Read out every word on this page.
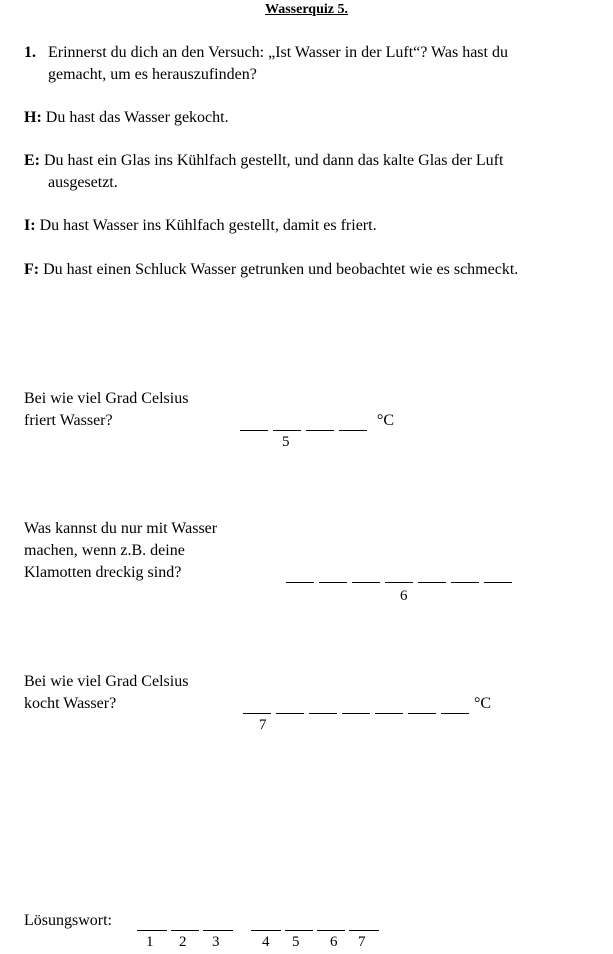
Wasserquiz 5.
1. Erinnerst du dich an den Versuch: „Ist Wasser in der Luft“? Was hast du
gemacht, um es herauszufinden?
H: Du hast das Wasser gekocht.
E: Du hast ein Glas ins Kühlfach gestellt, und dann das kalte Glas der Luft
ausgesetzt.
I: Du hast Wasser ins Kühlfach gestellt, damit es friert.
F: Du hast einen Schluck Wasser getrunken und beobachtet wie es schmeckt.
Bei wie viel Grad Celsius
friert Wasser?	°C
5
Was kannst du nur mit Wasser
machen, wenn z.B. deine
Klamotten dreckig sind?
6
Bei wie viel Grad Celsius
kocht Wasser?	°C
7
Lösungswort:
1 2 3	4 5 6 7
